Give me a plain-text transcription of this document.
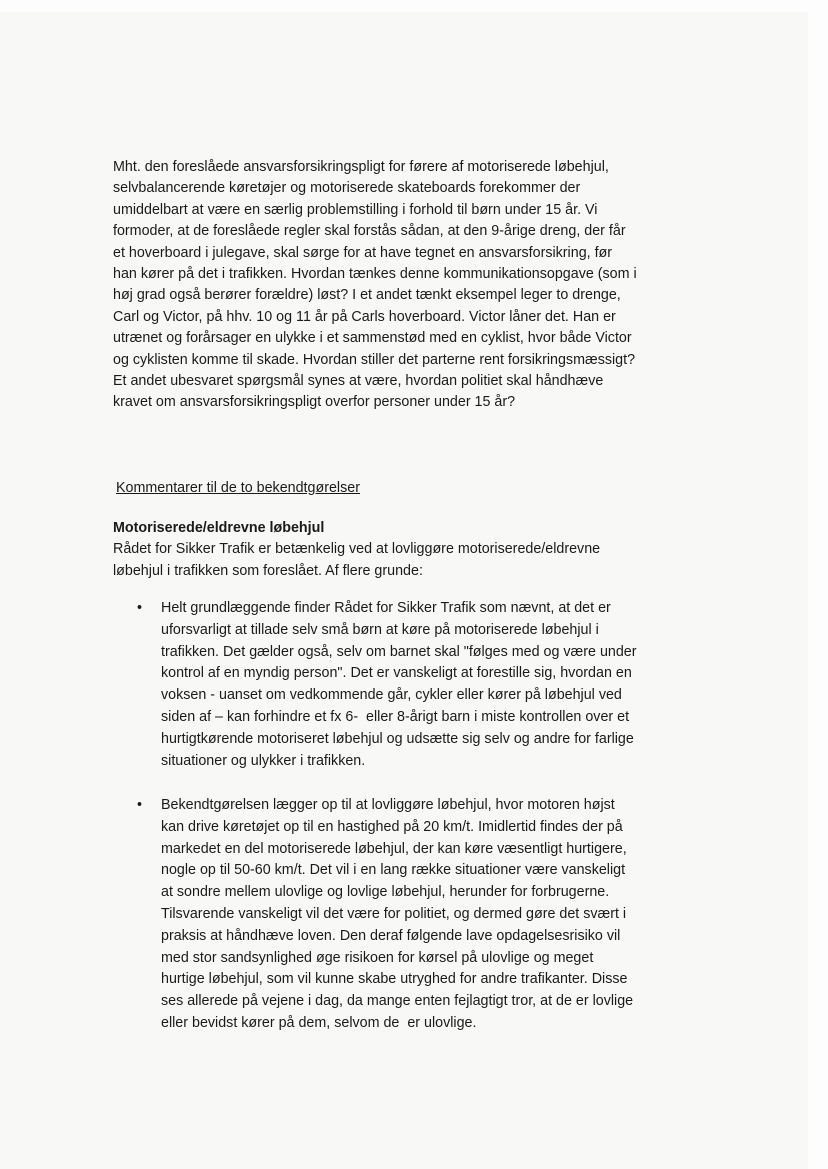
Mht. den foreslåede ansvarsforsikringspligt for førere af motoriserede løbehjul,
selvbalancerende køretøjer og motoriserede skateboards forekommer der
umiddelbart at være en særlig problemstilling i forhold til børn under 15 år. Vi
formoder, at de foreslåede regler skal forstås sådan, at den 9-årige dreng, der får
et hoverboard i julegave, skal sørge for at have tegnet en ansvarsforsikring, før
han kører på det i trafikken. Hvordan tænkes denne kommunikationsopgave (som i
høj grad også berører forældre) løst? I et andet tænkt eksempel leger to drenge,
Carl og Victor, på hhv. 10 og 11 år på Carls hoverboard. Victor låner det. Han er
utrænet og forårsager en ulykke i et sammenstød med en cyklist, hvor både Victor
og cyklisten komme til skade. Hvordan stiller det parterne rent forsikringsmæssigt?
Et andet ubesvaret spørgsmål synes at være, hvordan politiet skal håndhæve
kravet om ansvarsforsikringspligt overfor personer under 15 år?
Kommentarer til de to bekendtgørelser
Motoriserede/eldrevne løbehjul
Rådet for Sikker Trafik er betænkelig ved at lovliggøre motoriserede/eldrevne
løbehjul i trafikken som foreslået. Af flere grunde:
• Helt grundlæggende finder Rådet for Sikker Trafik som nævnt, at det er
uforsvarligt at tillade selv små børn at køre på motoriserede løbehjul i
trafikken. Det gælder også, selv om barnet skal "følges med og være under
kontrol af en myndig person". Det er vanskeligt at forestille sig, hvordan en
voksen - uanset om vedkommende går, cykler eller kører på løbehjul ved
siden af – kan forhindre et fx 6-  eller 8-årigt barn i miste kontrollen over et
hurtigtkørende motoriseret løbehjul og udsætte sig selv og andre for farlige
situationer og ulykker i trafikken.
• Bekendtgørelsen lægger op til at lovliggøre løbehjul, hvor motoren højst
kan drive køretøjet op til en hastighed på 20 km/t. Imidlertid findes der på
markedet en del motoriserede løbehjul, der kan køre væsentligt hurtigere,
nogle op til 50-60 km/t. Det vil i en lang række situationer være vanskeligt
at sondre mellem ulovlige og lovlige løbehjul, herunder for forbrugerne.
Tilsvarende vanskeligt vil det være for politiet, og dermed gøre det svært i
praksis at håndhæve loven. Den deraf følgende lave opdagelsesrisiko vil
med stor sandsynlighed øge risikoen for kørsel på ulovlige og meget
hurtige løbehjul, som vil kunne skabe utryghed for andre trafikanter. Disse
ses allerede på vejene i dag, da mange enten fejlagtigt tror, at de er lovlige
eller bevidst kører på dem, selvom de  er ulovlige.
